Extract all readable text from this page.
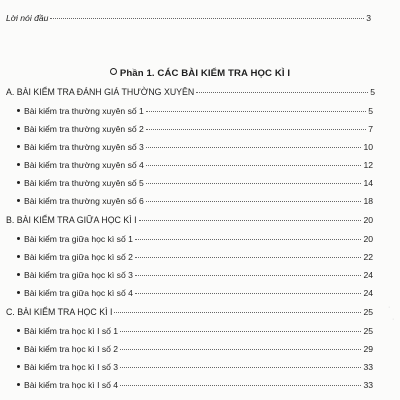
Lời nói đầu	3
Phần 1. CÁC BÀI KIỂM TRA HỌC KÌ I
A. BÀI KIỂM TRA ĐÁNH GIÁ THƯỜNG XUYÊN	5
Bài kiểm tra thường xuyên số 1	5
Bài kiểm tra thường xuyên số 2	7
Bài kiểm tra thường xuyên số 3	10
Bài kiểm tra thường xuyên số 4	12
Bài kiểm tra thường xuyên số 5	14
Bài kiểm tra thường xuyên số 6	18
B. BÀI KIỂM TRA GIỮA HỌC KÌ I	20
Bài kiểm tra giữa học kì số 1	20
Bài kiểm tra giữa học kì số 2	22
Bài kiểm tra giữa học kì số 3	24
Bài kiểm tra giữa học kì số 4	24
C. BÀI KIỂM TRA HỌC KÌ I	25
Bài kiểm tra học kì I số 1	25
Bài kiểm tra học kì I số 2	29
Bài kiểm tra học kì I số 3	33
Bài kiểm tra học kì I số 4	33
·
·
